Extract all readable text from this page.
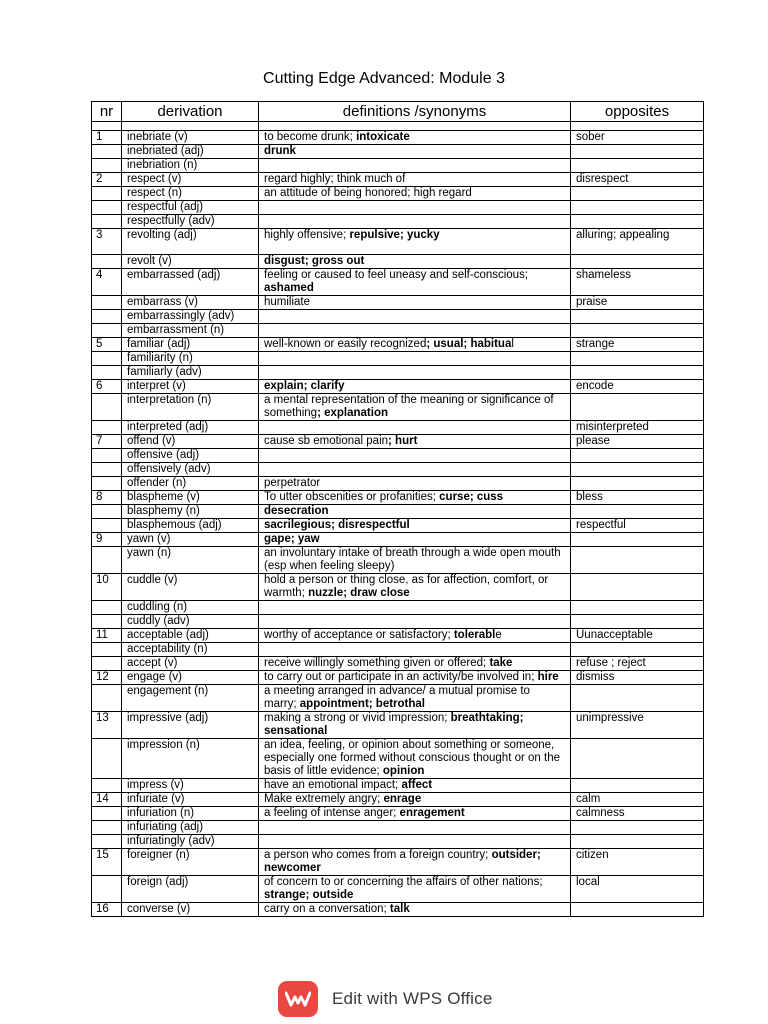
Cutting Edge Advanced: Module 3
nr	derivation	definitions /synonyms	opposites

1	inebriate (v)	to become drunk; intoxicate	sober
	inebriated (adj)	drunk	
	inebriation (n)		
2	respect (v)	regard highly; think much of	disrespect
	respect (n)	an attitude of being honored; high regard	
	respectful (adj)		
	respectfully (adv)		
3	revolting (adj)	highly offensive; repulsive; yucky	alluring; appealing
	revolt (v)	disgust; gross out	
4	embarrassed (adj)	feeling or caused to feel uneasy and self-conscious; ashamed	shameless
	embarrass (v)	humiliate	praise
	embarrassingly (adv)		
	embarrassment (n)		
5	familiar (adj)	well-known or easily recognized; usual; habitual	strange
	familiarity (n)		
	familiarly (adv)		
6	interpret (v)	explain; clarify	encode
	interpretation (n)	a mental representation of the meaning or significance of something; explanation	
	interpreted (adj)		misinterpreted
7	offend (v)	cause sb emotional pain; hurt	please
	offensive (adj)		
	offensively (adv)		
	offender (n)	perpetrator	
8	blaspheme (v)	To utter obscenities or profanities; curse; cuss	bless
	blasphemy (n)	desecration	
	blasphemous (adj)	sacrilegious; disrespectful	respectful
9	yawn (v)	gape; yaw	
	yawn (n)	an involuntary intake of breath through a wide open mouth (esp when feeling sleepy)	
10	cuddle (v)	hold a person or thing close, as for affection, comfort, or warmth; nuzzle; draw close	
	cuddling (n)		
	cuddly (adv)		
11	acceptable (adj)	worthy of acceptance or satisfactory; tolerable	Uunacceptable
	acceptability (n)		
	accept (v)	receive willingly something given or offered; take	refuse ; reject
12	engage (v)	to carry out or participate in an activity/be involved in; hire	dismiss
	engagement (n)	a meeting arranged in advance/ a mutual promise to marry; appointment; betrothal	
13	impressive (adj)	making a strong or vivid impression; breathtaking; sensational	unimpressive
	impression (n)	an idea, feeling, or opinion about something or someone, especially one formed without conscious thought or on the basis of little evidence; opinion	
	impress (v)	have an emotional impact; affect	
14	infuriate (v)	Make extremely angry; enrage	calm
	infuriation (n)	a feeling of intense anger; enragement	calmness
	infuriating (adj)		
	infuriatingly (adv)		
15	foreigner (n)	a person who comes from a foreign country; outsider; newcomer	citizen
	foreign (adj)	of concern to or concerning the affairs of other nations; strange; outside	local
16	converse (v)	carry on a conversation; talk	
Edit with WPS Office
